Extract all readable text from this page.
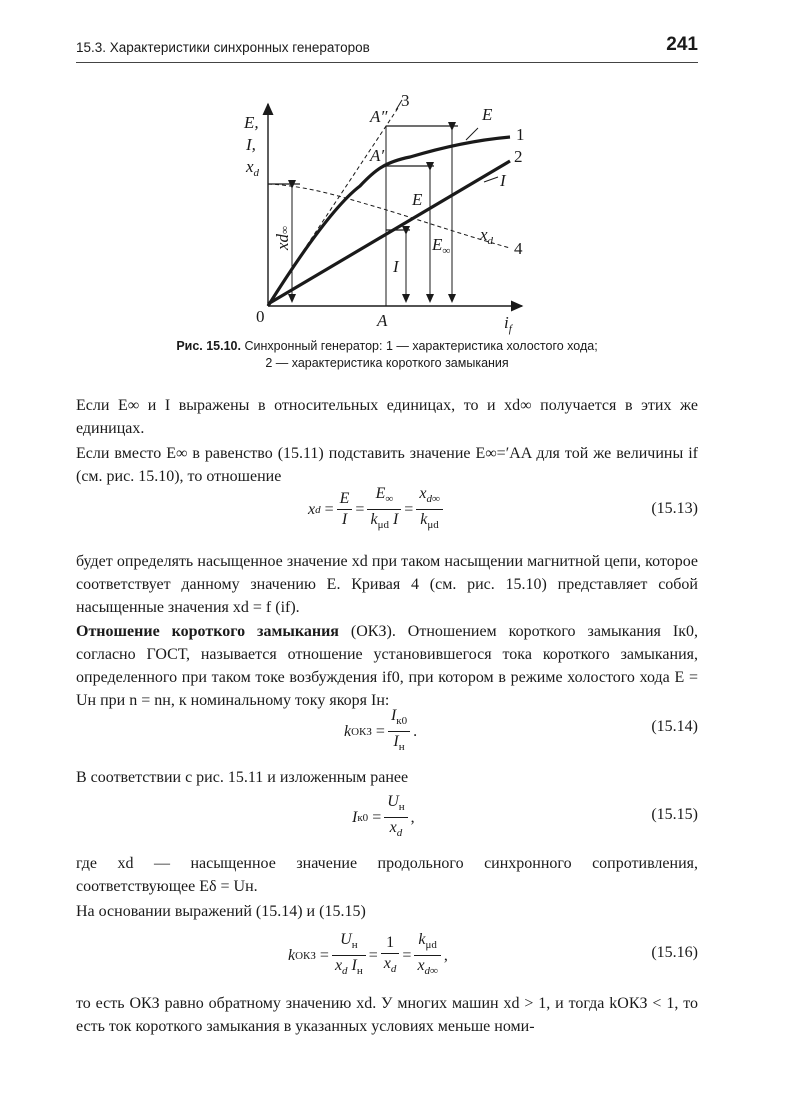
15.3. Характеристики синхронных генераторов	241
E,
I,
$x_d$
$i_f$
A
A″
A′
E
I
$x_d$
E
$E_\infty$
I
xd∞
0
1
2
3
4
Рис. 15.10. Синхронный генератор: 1 — характеристика холостого хода;
2 — характеристика короткого замыкания
Если E∞ и I выражены в относительных единицах, то и xd∞ получается в этих же единицах.
Если вместо E∞ в равенство (15.11) подставить значение E∞=′AA для той же величины if (см. рис. 15.10), то отношение
x $d = \frac{E}{I} = \frac{E_\infty}{k_{\mu d} I} = \frac{x_{d\infty}}{k_{\mu d}}$	(15.13)
будет определять насыщенное значение xd при таком насыщении магнитной цепи, которое соответствует данному значению E. Кривая 4 (см. рис. 15.10) представляет собой насыщенные значения xd = f (if).
Отношение короткого замыкания (ОКЗ). Отношением короткого замыкания Iк0, согласно ГОСТ, называется отношение установившегося тока короткого замыкания, определенного при таком токе возбуждения if0, при котором в режиме холостого хода E = Uн при n = nн, к номинальному току якоря Iн:
k ОКЗ = $\frac{I_{к0}}{I_н}$ .	(15.14)
В соответствии с рис. 15.11 и изложенным ранее
I $к0 = \frac{U_н}{x_d}$ ,	(15.15)
где xd — насыщенное значение продольного синхронного сопротивления, соответствующее Eδ = Uн.
На основании выражений (15.14) и (15.15)
k ОКЗ = $\frac{U_н}{x_d I_н} = \frac{1}{x_d} = \frac{k_{\mu d}}{x_{d\infty}}$ ,	(15.16)
то есть ОКЗ равно обратному значению xd. У многих машин xd > 1, и тогда kОКЗ < 1, то есть ток короткого замыкания в указанных условиях меньше номи-
